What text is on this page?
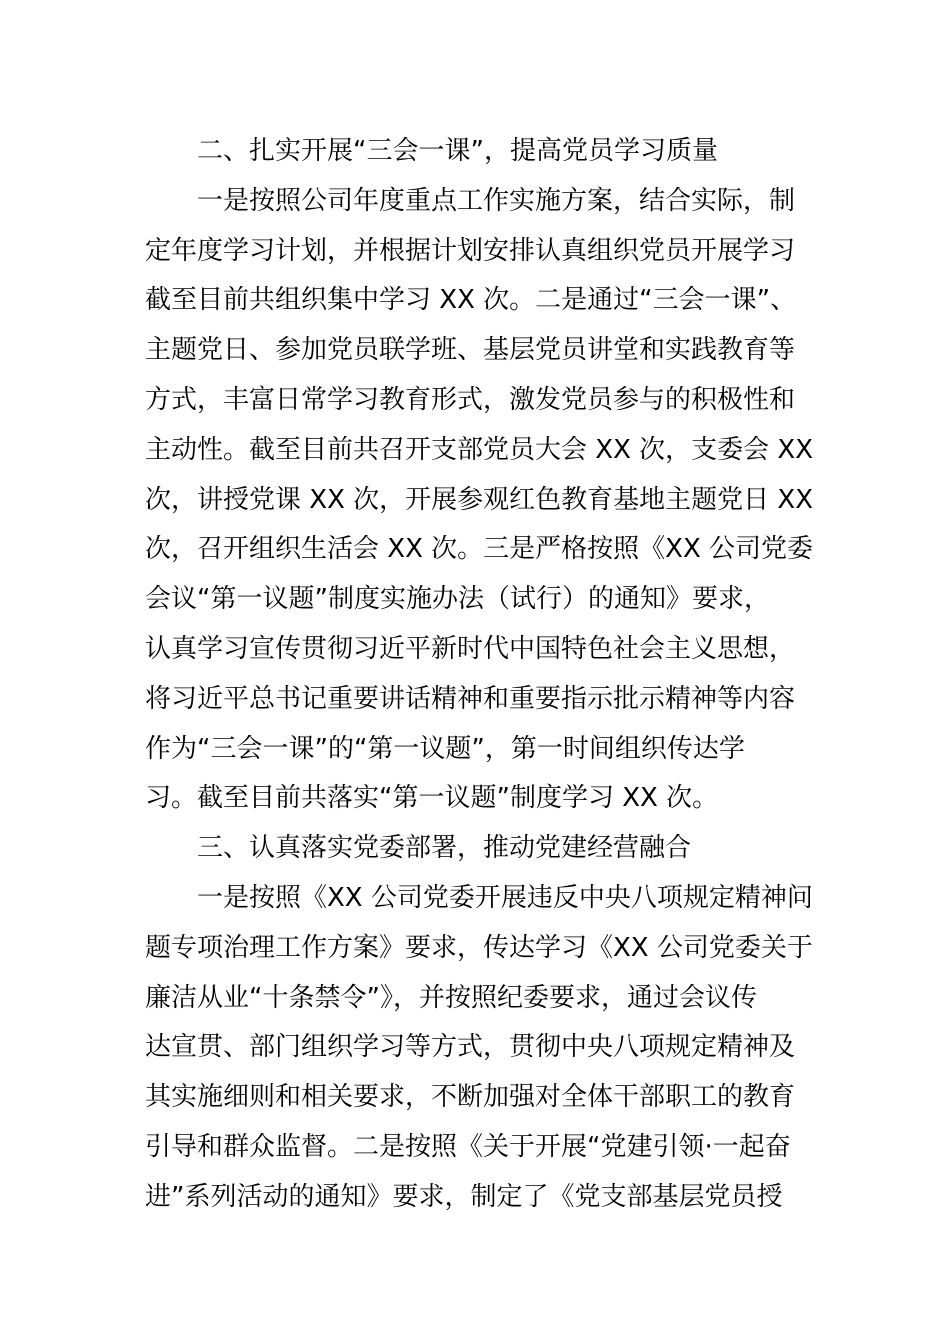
二、扎实开展“三会一课”，提高党员学习质量
一是按照公司年度重点工作实施方案，结合实际，制
定年度学习计划，并根据计划安排认真组织党员开展学习
截至目前共组织集中学习 XX 次。二是通过“三会一课”、
主题党日、参加党员联学班、基层党员讲堂和实践教育等
方式，丰富日常学习教育形式，激发党员参与的积极性和
主动性。截至目前共召开支部党员大会 XX 次，支委会 XX
次，讲授党课 XX 次，开展参观红色教育基地主题党日 XX
次，召开组织生活会 XX 次。三是严格按照《XX 公司党委
会议“第一议题”制度实施办法（试行）的通知》要求，
认真学习宣传贯彻习近平新时代中国特色社会主义思想，
将习近平总书记重要讲话精神和重要指示批示精神等内容
作为“三会一课”的“第一议题”，第一时间组织传达学
习。截至目前共落实“第一议题”制度学习 XX 次。
三、认真落实党委部署，推动党建经营融合
一是按照《XX 公司党委开展违反中央八项规定精神问
题专项治理工作方案》要求，传达学习《XX 公司党委关于
廉洁从业“十条禁令”》，并按照纪委要求，通过会议传
达宣贯、部门组织学习等方式，贯彻中央八项规定精神及
其实施细则和相关要求，不断加强对全体干部职工的教育
引导和群众监督。二是按照《关于开展“党建引领·一起奋
进”系列活动的通知》要求，制定了《党支部基层党员授
